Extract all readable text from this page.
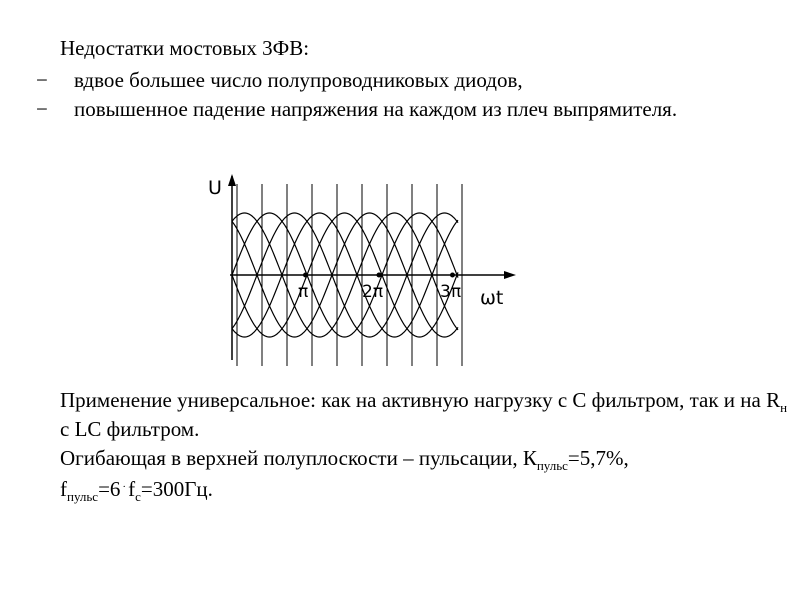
Недостатки мостовых 3ФВ:
−	вдвое большее число полупроводниковых диодов,
−	повышенное падение напряжения на каждом из плеч выпрямителя.
U
ωt
π	2π	3π

Применение универсальное: как на активную нагрузку с С фильтром, так и на $R_н$ с LC фильтром.

Огибающая в верхней полуплоскости – пульсации, $К_{пульс}=5,7\%$,

$f_{пульс}=6$ $^\cdot f_c=300Гц$.
